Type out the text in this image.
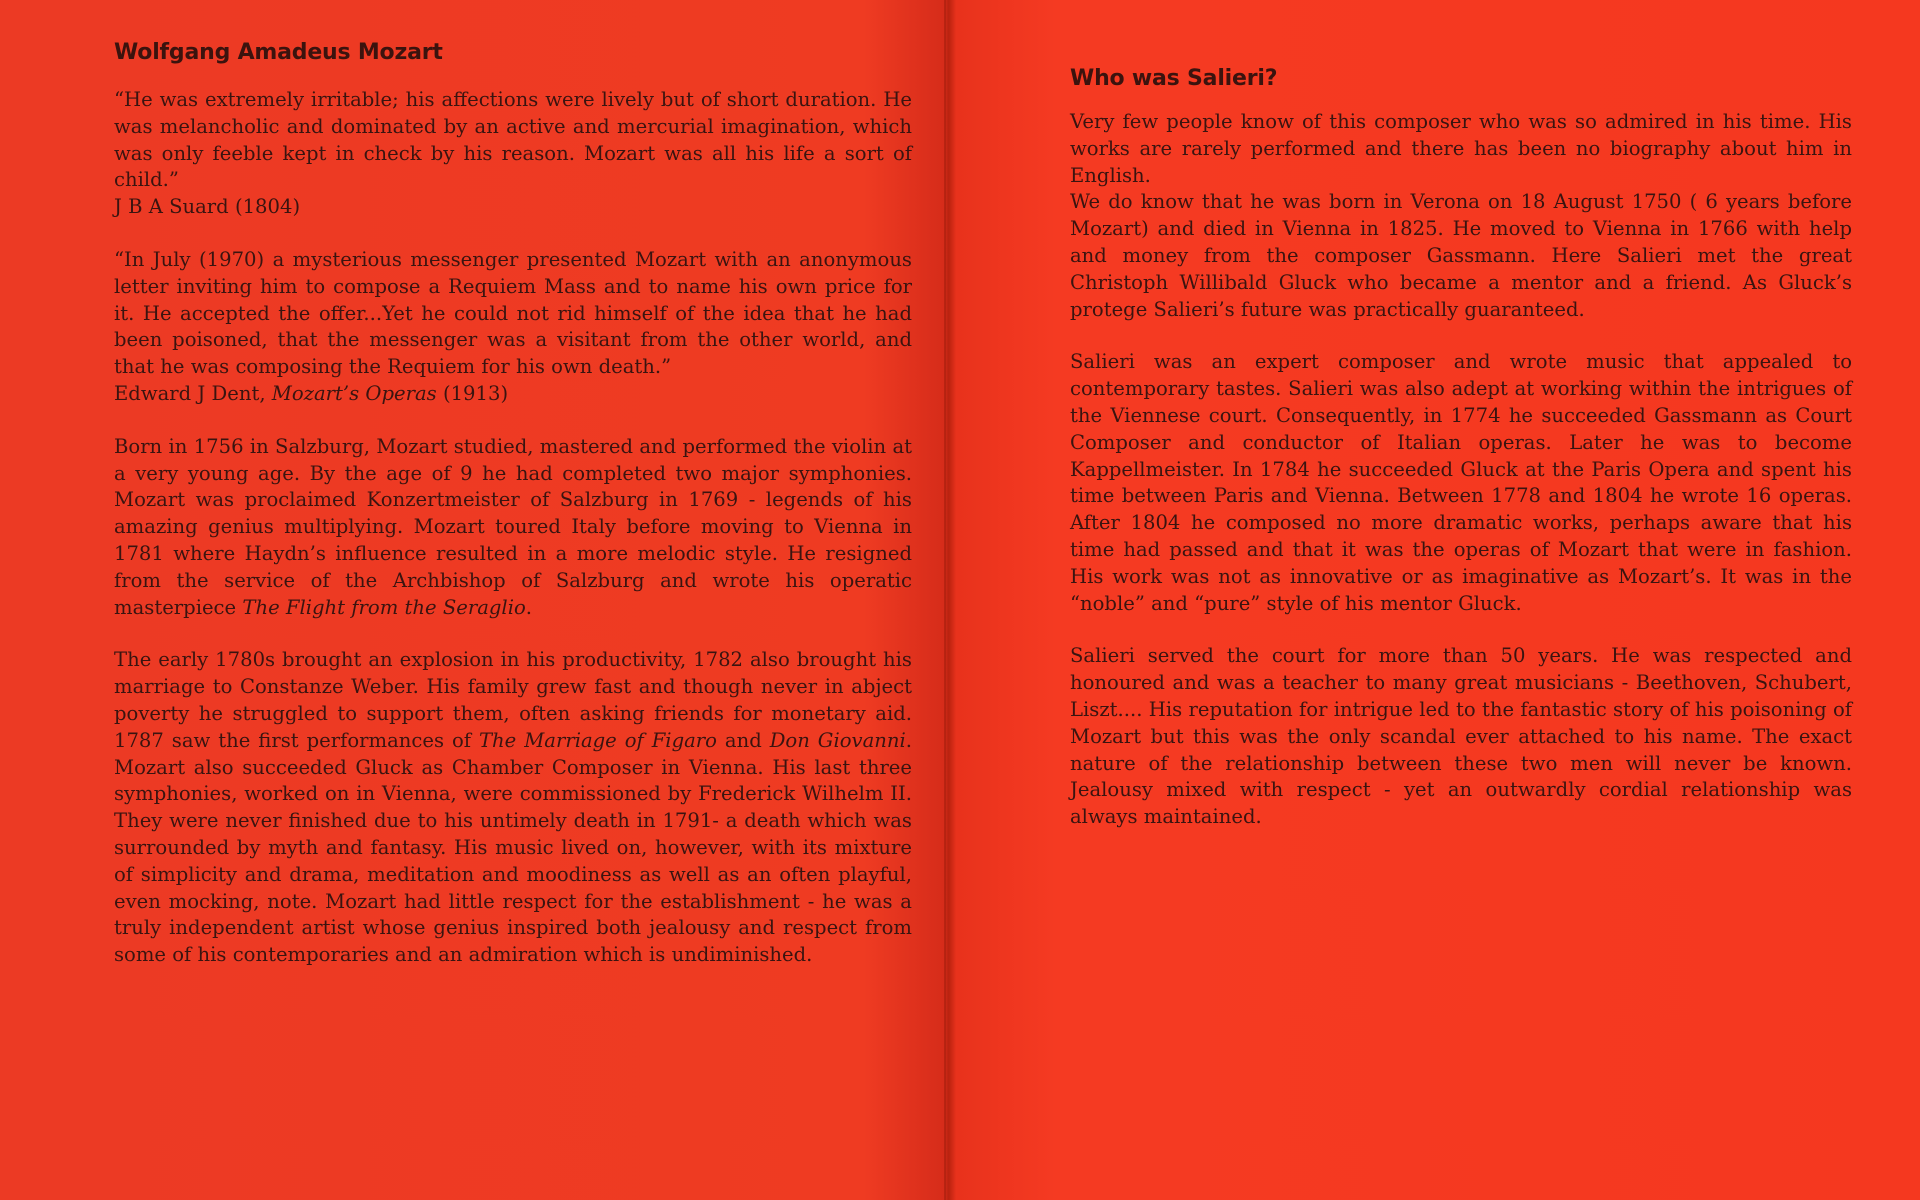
Wolfgang Amadeus Mozart

“He was extremely irritable; his affections were lively but of short duration. He was melancholic and dominated by an active and mercurial imagination, which was only feeble kept in check by his reason. Mozart was all his life a sort of child.”
J B A Suard (1804)

“In July (1970) a mysterious messenger presented Mozart with an anonymous letter inviting him to compose a Requiem Mass and to name his own price for it. He accepted the offer...Yet he could not rid himself of the idea that he had been poisoned, that the messenger was a visitant from the other world, and that he was composing the Requiem for his own death.”
Edward J Dent, Mozart’s Operas (1913)

Born in 1756 in Salzburg, Mozart studied, mastered and performed the violin at a very young age. By the age of 9 he had completed two major symphonies. Mozart was proclaimed Konzertmeister of Salzburg in 1769 - legends of his amazing genius multiplying. Mozart toured Italy before moving to Vienna in 1781 where Haydn’s influence resulted in a more melodic style. He resigned from the service of the Archbishop of Salzburg and wrote his operatic masterpiece The Flight from the Seraglio.

The early 1780s brought an explosion in his productivity, 1782 also brought his marriage to Constanze Weber. His family grew fast and though never in abject poverty he struggled to support them, often asking friends for monetary aid. 1787 saw the first performances of The Marriage of Figaro and Don Giovanni. Mozart also succeeded Gluck as Chamber Composer in Vienna. His last three symphonies, worked on in Vienna, were commissioned by Frederick Wilhelm II. They were never finished due to his untimely death in 1791- a death which was surrounded by myth and fantasy. His music lived on, however, with its mixture of simplicity and drama, meditation and moodiness as well as an often playful, even mocking, note. Mozart had little respect for the establishment - he was a truly independent artist whose genius inspired both jealousy and respect from some of his contemporaries and an admiration which is undiminished.

Who was Salieri?

Very few people know of this composer who was so admired in his time. His works are rarely performed and there has been no biography about him in English.
We do know that he was born in Verona on 18 August 1750 ( 6 years before Mozart) and died in Vienna in 1825. He moved to Vienna in 1766 with help and money from the composer Gassmann. Here Salieri met the great Christoph Willibald Gluck who became a mentor and a friend. As Gluck’s protege Salieri’s future was practically guaranteed.

Salieri was an expert composer and wrote music that appealed to contemporary tastes. Salieri was also adept at working within the intrigues of the Viennese court. Consequently, in 1774 he succeeded Gassmann as Court Composer and conductor of Italian operas. Later he was to become Kappellmeister. In 1784 he succeeded Gluck at the Paris Opera and spent his time between Paris and Vienna. Between 1778 and 1804 he wrote 16 operas. After 1804 he composed no more dramatic works, perhaps aware that his time had passed and that it was the operas of Mozart that were in fashion. His work was not as innovative or as imaginative as Mozart’s. It was in the “noble” and “pure” style of his mentor Gluck.

Salieri served the court for more than 50 years. He was respected and honoured and was a teacher to many great musicians - Beethoven, Schubert, Liszt.... His reputation for intrigue led to the fantastic story of his poisoning of Mozart but this was the only scandal ever attached to his name. The exact nature of the relationship between these two men will never be known. Jealousy mixed with respect - yet an outwardly cordial relationship was always maintained.
